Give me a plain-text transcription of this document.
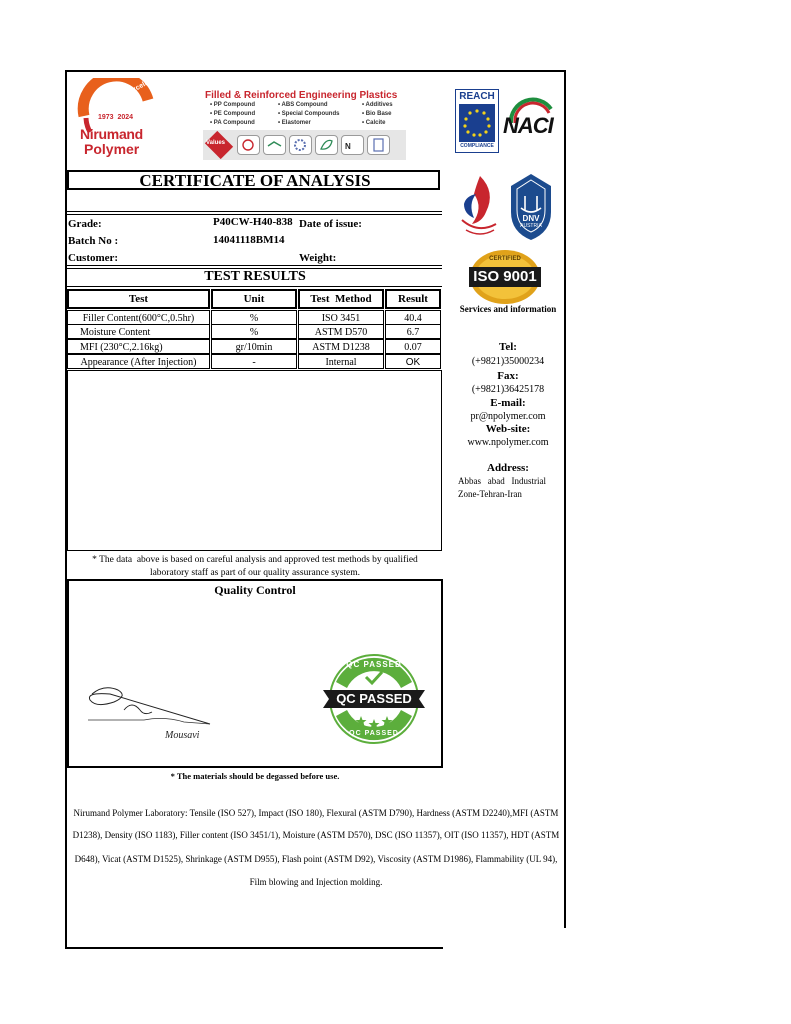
51 Years of Excellence
1973  2024
Nirumand
Polymer
Filled & Reinforced Engineering Plastics
• PP Compound
• PE Compound
• PA Compound
• ABS Compound
• Special Compounds
• Elastomer
• Additives
• Bio Base
• Calcite
Values	N
REACH
COMPLIANCE
NACI
DNV
AUSTRIA
CERTIFIED
ISO 9001
Services and information
Tel:
(+9821)35000234
Fax:
(+9821)36425178
E-mail:
pr@npolymer.com
Web-site:
www.npolymer.com
Address:
Abbas   abad   Industrial
Zone-Tehran-Iran
CERTIFICATE OF ANALYSIS
Grade:	P40CW-H40-838 Date of issue:
Batch No :	14041118BM14
Customer:	Weight:
TEST RESULTS
Test	Unit	Test  Method	Result
Filler Content(600°C,0.5hr)	%	ISO 3451	40.4
Moisture Content	%	ASTM D570	6.7
MFI (230°C,2.16kg)	gr/10min	ASTM D1238	0.07
Appearance (After Injection)	-	Internal	OK
* The data  above is based on careful analysis and approved test methods by qualified
laboratory staff as part of our quality assurance system.
Quality Control
Mousavi
QC PASSED
QC PASSED
QC PASSED
* The materials should be degassed before use.
Nirumand Polymer Laboratory: Tensile (ISO 527), Impact (ISO 180), Flexural (ASTM D790), Hardness (ASTM D2240),MFI (ASTM
D1238), Density (ISO 1183), Filler content (ISO 3451/1), Moisture (ASTM D570), DSC (ISO 11357), OIT (ISO 11357), HDT (ASTM
D648), Vicat (ASTM D1525), Shrinkage (ASTM D955), Flash point (ASTM D92), Viscosity (ASTM D1986), Flammability (UL 94),
Film blowing and Injection molding.
